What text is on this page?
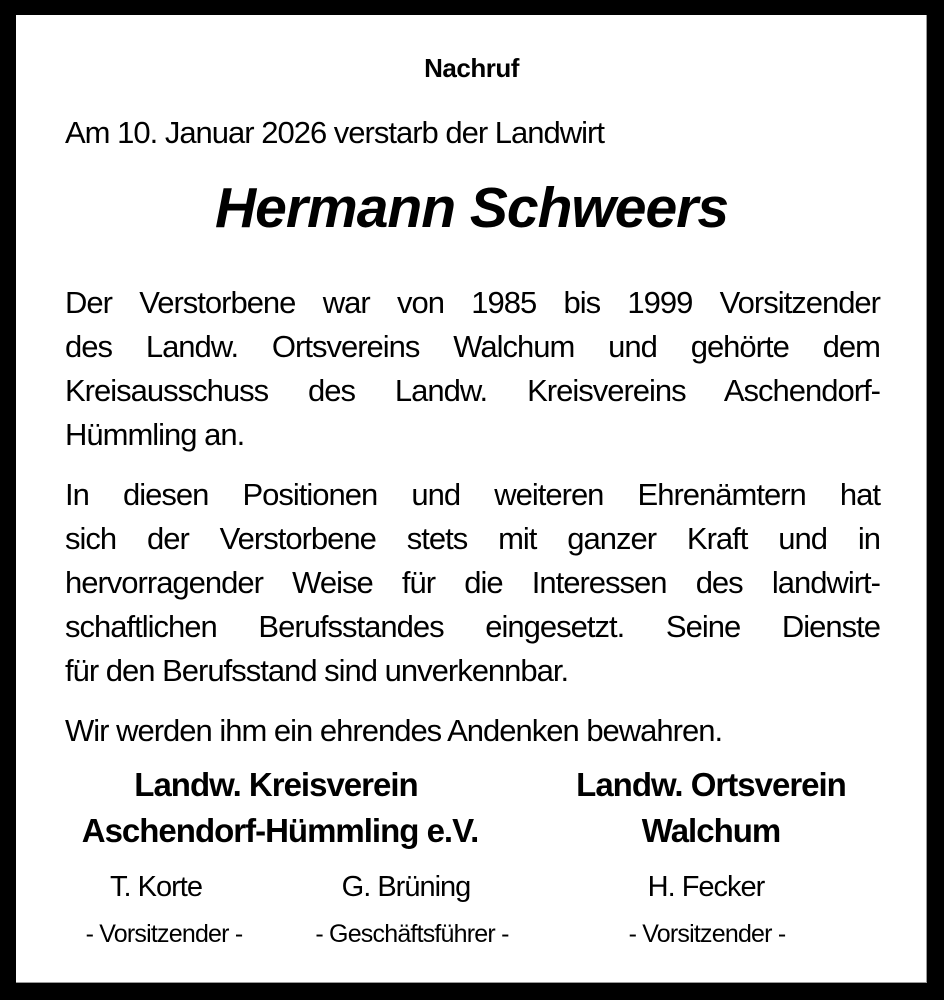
Nachruf
Am 10. Januar 2026 verstarb der Landwirt
Hermann Schweers
Der Verstorbene war von 1985 bis 1999 Vorsitzender
des Landw. Ortsvereins Walchum und gehörte dem
Kreisausschuss des Landw. Kreisvereins Aschendorf-
Hümmling an.
In diesen Positionen und weiteren Ehrenämtern hat
sich der Verstorbene stets mit ganzer Kraft und in
hervorragender Weise für die Interessen des landwirt-
schaftlichen Berufsstandes eingesetzt. Seine Dienste
für den Berufsstand sind unverkennbar.
Wir werden ihm ein ehrendes Andenken bewahren.
Landw. Kreisverein
Aschendorf-Hümmling e.V.
Landw. Ortsverein
Walchum
T. Korte	G. Brüning	H. Fecker
- Vorsitzender -	- Geschäftsführer -	- Vorsitzender -
